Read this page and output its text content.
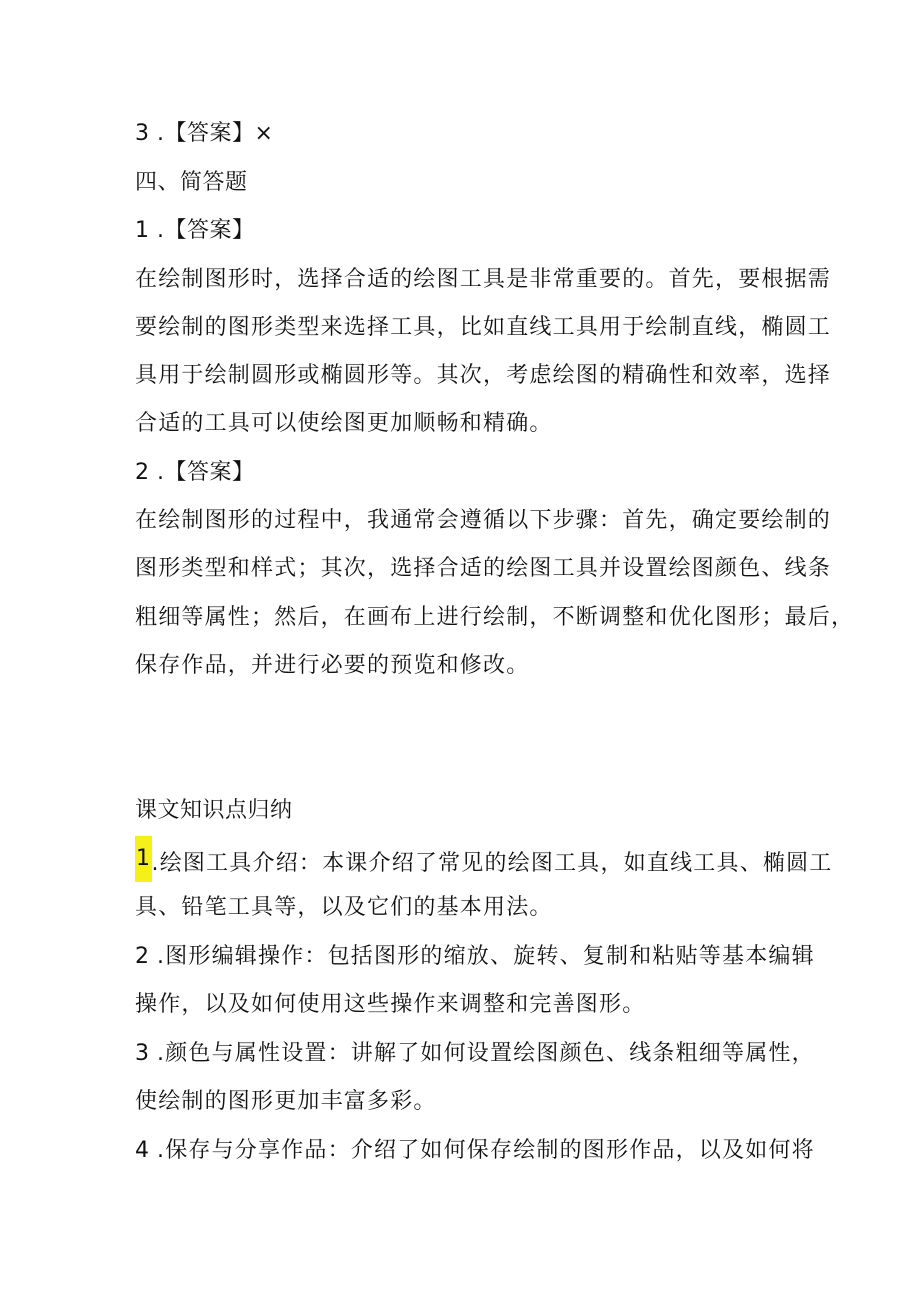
3 .【答案】×
四、简答题
1 .【答案】
在绘制图形时，选择合适的绘图工具是非常重要的。首先，要根据需
要绘制的图形类型来选择工具，比如直线工具用于绘制直线，椭圆工
具用于绘制圆形或椭圆形等。其次，考虑绘图的精确性和效率，选择
合适的工具可以使绘图更加顺畅和精确。
2 .【答案】
在绘制图形的过程中，我通常会遵循以下步骤：首先，确定要绘制的
图形类型和样式；其次，选择合适的绘图工具并设置绘图颜色、线条
粗细等属性；然后，在画布上进行绘制，不断调整和优化图形；最后，
保存作品，并进行必要的预览和修改。
课文知识点归纳
1.绘图工具介绍：本课介绍了常见的绘图工具，如直线工具、椭圆工
具、铅笔工具等，以及它们的基本用法。
2 .图形编辑操作：包括图形的缩放、旋转、复制和粘贴等基本编辑
操作，以及如何使用这些操作来调整和完善图形。
3 .颜色与属性设置：讲解了如何设置绘图颜色、线条粗细等属性，
使绘制的图形更加丰富多彩。
4 .保存与分享作品：介绍了如何保存绘制的图形作品，以及如何将
